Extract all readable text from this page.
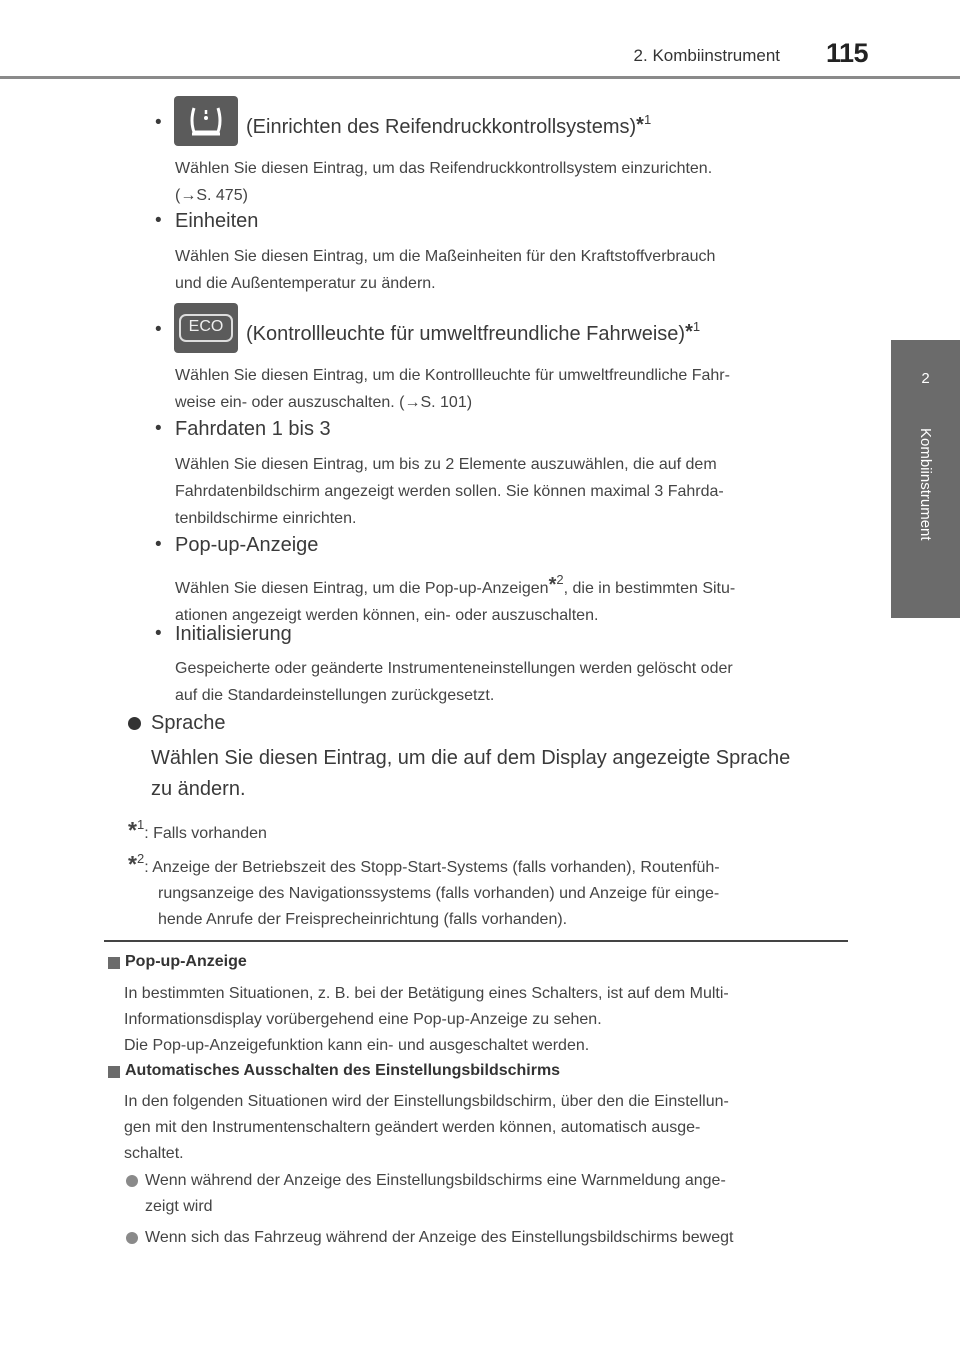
2. Kombiinstrument 115
2
Kombiinstrument
•	(Einrichten des Reifendruckkontrollsystems)$^{*1}$
Wählen Sie diesen Eintrag, um das Reifendruckkontrollsystem einzurichten.
(→S. 475)
• Einheiten
Wählen Sie diesen Eintrag, um die Maßeinheiten für den Kraftstoffverbrauch
und die Außentemperatur zu ändern.
•	ECO	(Kontrollleuchte für umweltfreundliche Fahrweise)$^{*1}$
Wählen Sie diesen Eintrag, um die Kontrollleuchte für umweltfreundliche Fahr-
weise ein- oder auszuschalten. (→S. 101)
• Fahrdaten 1 bis 3
Wählen Sie diesen Eintrag, um bis zu 2 Elemente auszuwählen, die auf dem
Fahrdatenbildschirm angezeigt werden sollen. Sie können maximal 3 Fahrda-
tenbildschirme einrichten.
• Pop-up-Anzeige
Wählen Sie diesen Eintrag, um die Pop-up-Anzeigen$^{*2}$, die in bestimmten Situ-
ationen angezeigt werden können, ein- oder auszuschalten.
• Initialisierung
Gespeicherte oder geänderte Instrumenteneinstellungen werden gelöscht oder
auf die Standardeinstellungen zurückgesetzt.
Sprache
Wählen Sie diesen Eintrag, um die auf dem Display angezeigte Sprache
zu ändern.
*$^1$: Falls vorhanden
*$^2$: Anzeige der Betriebszeit des Stopp-Start-Systems (falls vorhanden), Routenfüh-
rungsanzeige des Navigationssystems (falls vorhanden) und Anzeige für einge-
hende Anrufe der Freisprecheinrichtung (falls vorhanden).
Pop-up-Anzeige
In bestimmten Situationen, z. B. bei der Betätigung eines Schalters, ist auf dem Multi-
Informationsdisplay vorübergehend eine Pop-up-Anzeige zu sehen.
Die Pop-up-Anzeigefunktion kann ein- und ausgeschaltet werden.
Automatisches Ausschalten des Einstellungsbildschirms
In den folgenden Situationen wird der Einstellungsbildschirm, über den die Einstellun-
gen mit den Instrumentenschaltern geändert werden können, automatisch ausge-
schaltet.
Wenn während der Anzeige des Einstellungsbildschirms eine Warnmeldung ange-
zeigt wird
Wenn sich das Fahrzeug während der Anzeige des Einstellungsbildschirms bewegt
